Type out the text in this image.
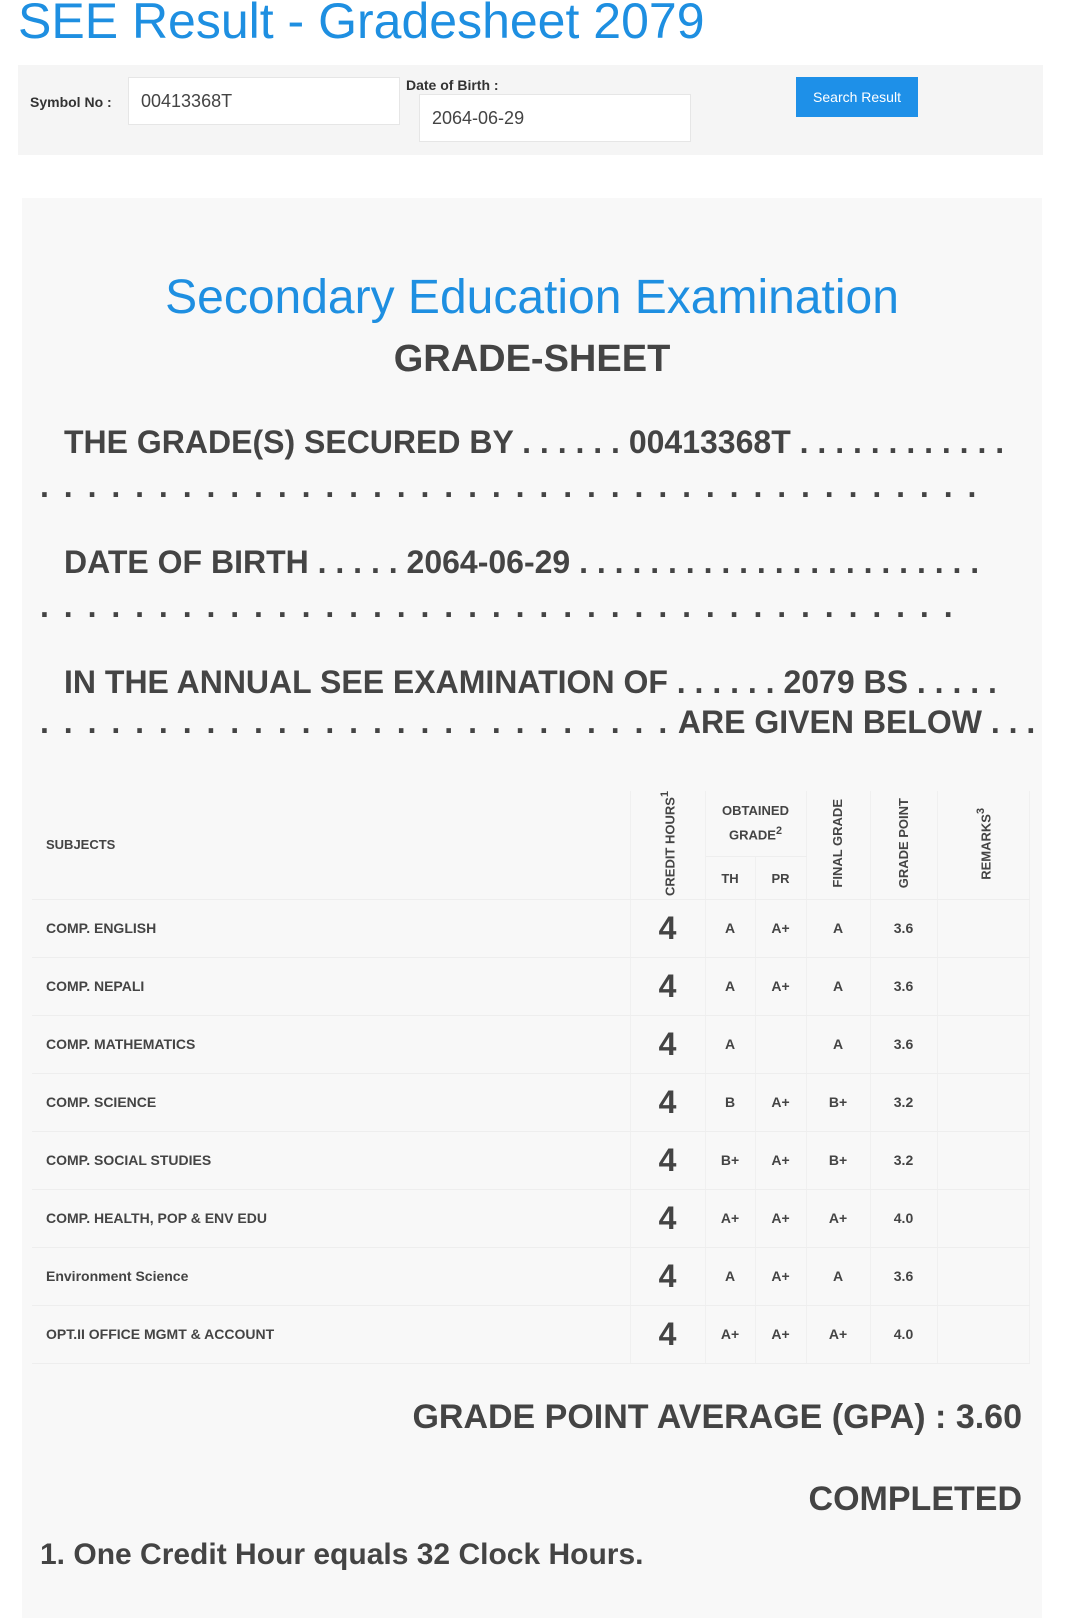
SEE Result - Gradesheet 2079
Symbol No :	00413368T
Date of Birth :
2064-06-29
Search Result
Secondary Education Examination
GRADE-SHEET
THE GRADE(S) SECURED BY . . . . . . 00413368T . . . . . . . . . . . .
. . . . . . . . . . . . . . . . . . . . . . . . . . . . . . . . . . . . . . . .
DATE OF BIRTH . . . . . 2064-06-29 . . . . . . . . . . . . . . . . . . . . . . .
. . . . . . . . . . . . . . . . . . . . . . . . . . . . . . . . . . . . . . .
IN THE ANNUAL SEE EXAMINATION OF . . . . . . 2079 BS . . . . .
. . . . . . . . . . . . . . . . . . . . . . . . . . . ARE GIVEN BELOW . . .
SUBJECTS	CREDIT HOURS$^1$	OBTAINED GRADE$^2$		FINAL GRADE	GRADE POINT	REMARKS$^3$
		TH	PR			
COMP. ENGLISH	4	A	A+	A	3.6	
COMP. NEPALI	4	A	A+	A	3.6	
COMP. MATHEMATICS	4	A		A	3.6	
COMP. SCIENCE	4	B	A+	B+	3.2	
COMP. SOCIAL STUDIES	4	B+	A+	B+	3.2	
COMP. HEALTH, POP & ENV EDU	4	A+	A+	A+	4.0	
Environment Science	4	A	A+	A	3.6	
OPT.II OFFICE MGMT & ACCOUNT	4	A+	A+	A+	4.0	
GRADE POINT AVERAGE (GPA) : 3.60
COMPLETED
1. One Credit Hour equals 32 Clock Hours.
